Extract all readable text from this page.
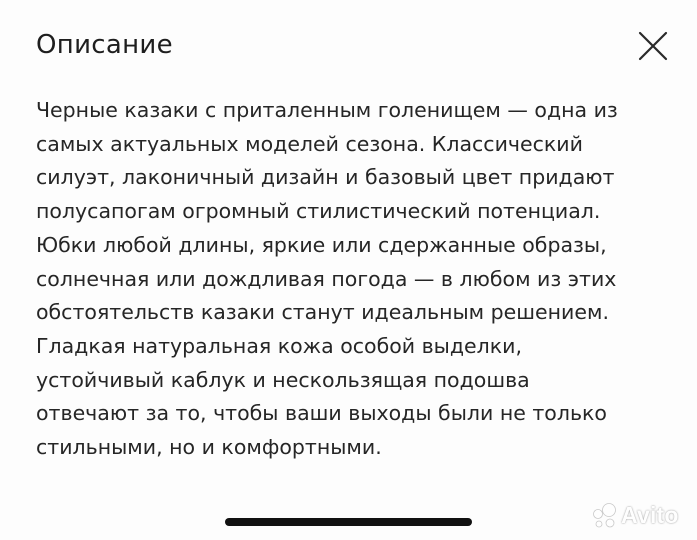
Описание
Черные казаки с приталенным голенищем — одна из
самых актуальных моделей сезона. Классический
силуэт, лаконичный дизайн и базовый цвет придают
полусапогам огромный стилистический потенциал.
Юбки любой длины, яркие или сдержанные образы,
солнечная или дождливая погода — в любом из этих
обстоятельств казаки станут идеальным решением.
Гладкая натуральная кожа особой выделки,
устойчивый каблук и нескользящая подошва
отвечают за то, чтобы ваши выходы были не только
стильными, но и комфортными.
Avito
